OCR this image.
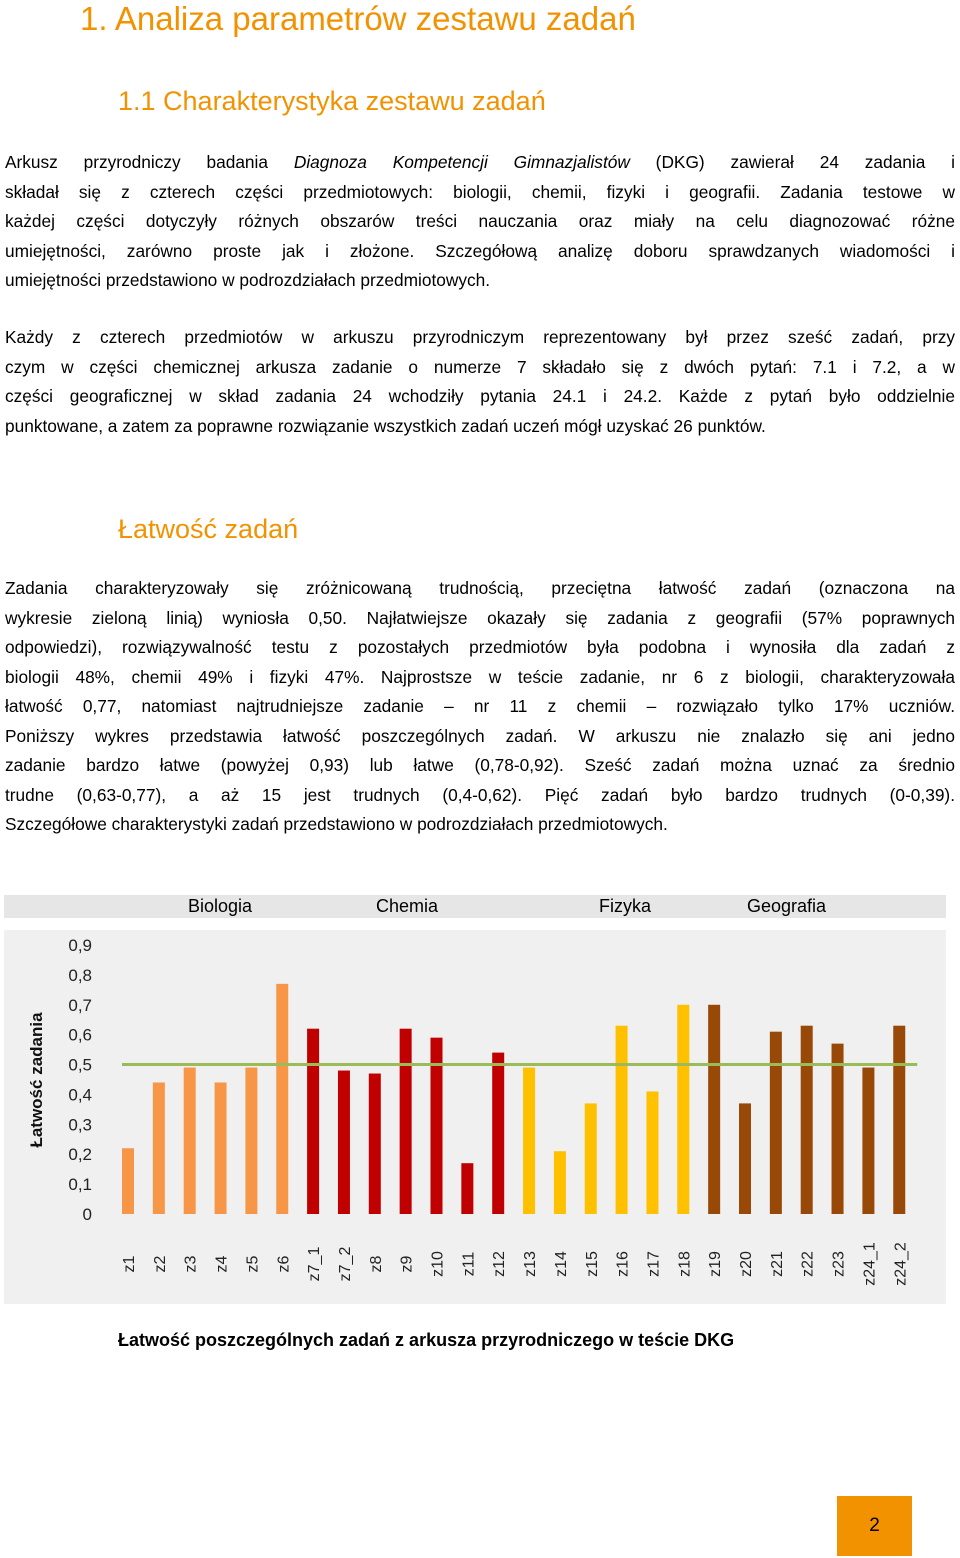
1. Analiza parametrów zestawu zadań
1.1 Charakterystyka zestawu zadań
Arkusz przyrodniczy badania Diagnoza Kompetencji Gimnazjalistów (DKG) zawierał 24 zadania i
składał się z czterech części przedmiotowych: biologii, chemii, fizyki i geografii. Zadania testowe w
każdej części dotyczyły różnych obszarów treści nauczania oraz miały na celu diagnozować różne
umiejętności, zarówno proste jak i złożone. Szczegółową analizę doboru sprawdzanych wiadomości i
umiejętności przedstawiono w podrozdziałach przedmiotowych.
Każdy z czterech przedmiotów w arkuszu przyrodniczym reprezentowany był przez sześć zadań, przy
czym w części chemicznej arkusza zadanie o numerze 7 składało się z dwóch pytań: 7.1 i 7.2, a w
części geograficznej w skład zadania 24 wchodziły pytania 24.1 i 24.2. Każde z pytań było oddzielnie
punktowane, a zatem za poprawne rozwiązanie wszystkich zadań uczeń mógł uzyskać 26 punktów.
Łatwość zadań
Zadania charakteryzowały się zróżnicowaną trudnością, przeciętna łatwość zadań (oznaczona na
wykresie zieloną linią) wyniosła 0,50. Najłatwiejsze okazały się zadania z geografii (57% poprawnych
odpowiedzi), rozwiązywalność testu z pozostałych przedmiotów była podobna i wynosiła dla zadań z
biologii 48%, chemii 49% i fizyki 47%. Najprostsze w teście zadanie, nr 6 z biologii, charakteryzowała
łatwość 0,77, natomiast najtrudniejsze zadanie – nr 11 z chemii – rozwiązało tylko 17% uczniów.
Poniższy wykres przedstawia łatwość poszczególnych zadań. W arkuszu nie znalazło się ani jedno
zadanie bardzo łatwe (powyżej 0,93) lub łatwe (0,78-0,92). Sześć zadań można uznać za średnio
trudne (0,63-0,77), a aż 15 jest trudnych (0,4-0,62). Pięć zadań było bardzo trudnych (0-0,39).
Szczegółowe charakterystyki zadań przedstawiono w podrozdziałach przedmiotowych.
Biologia	Chemia	Fizyka	Geografia
0
0,1
0,2
0,3
0,4
0,5
0,6
0,7
0,8
0,9
Łatwość zadania
z1 z2 z3 z4 z5 z6 z7_1 z7_2 z8 z9 z10 z11 z12 z13 z14 z15 z16 z17 z18 z19 z20 z21 z22 z23 z24_1 z24_2
Łatwość poszczególnych zadań z arkusza przyrodniczego w teście DKG
2
